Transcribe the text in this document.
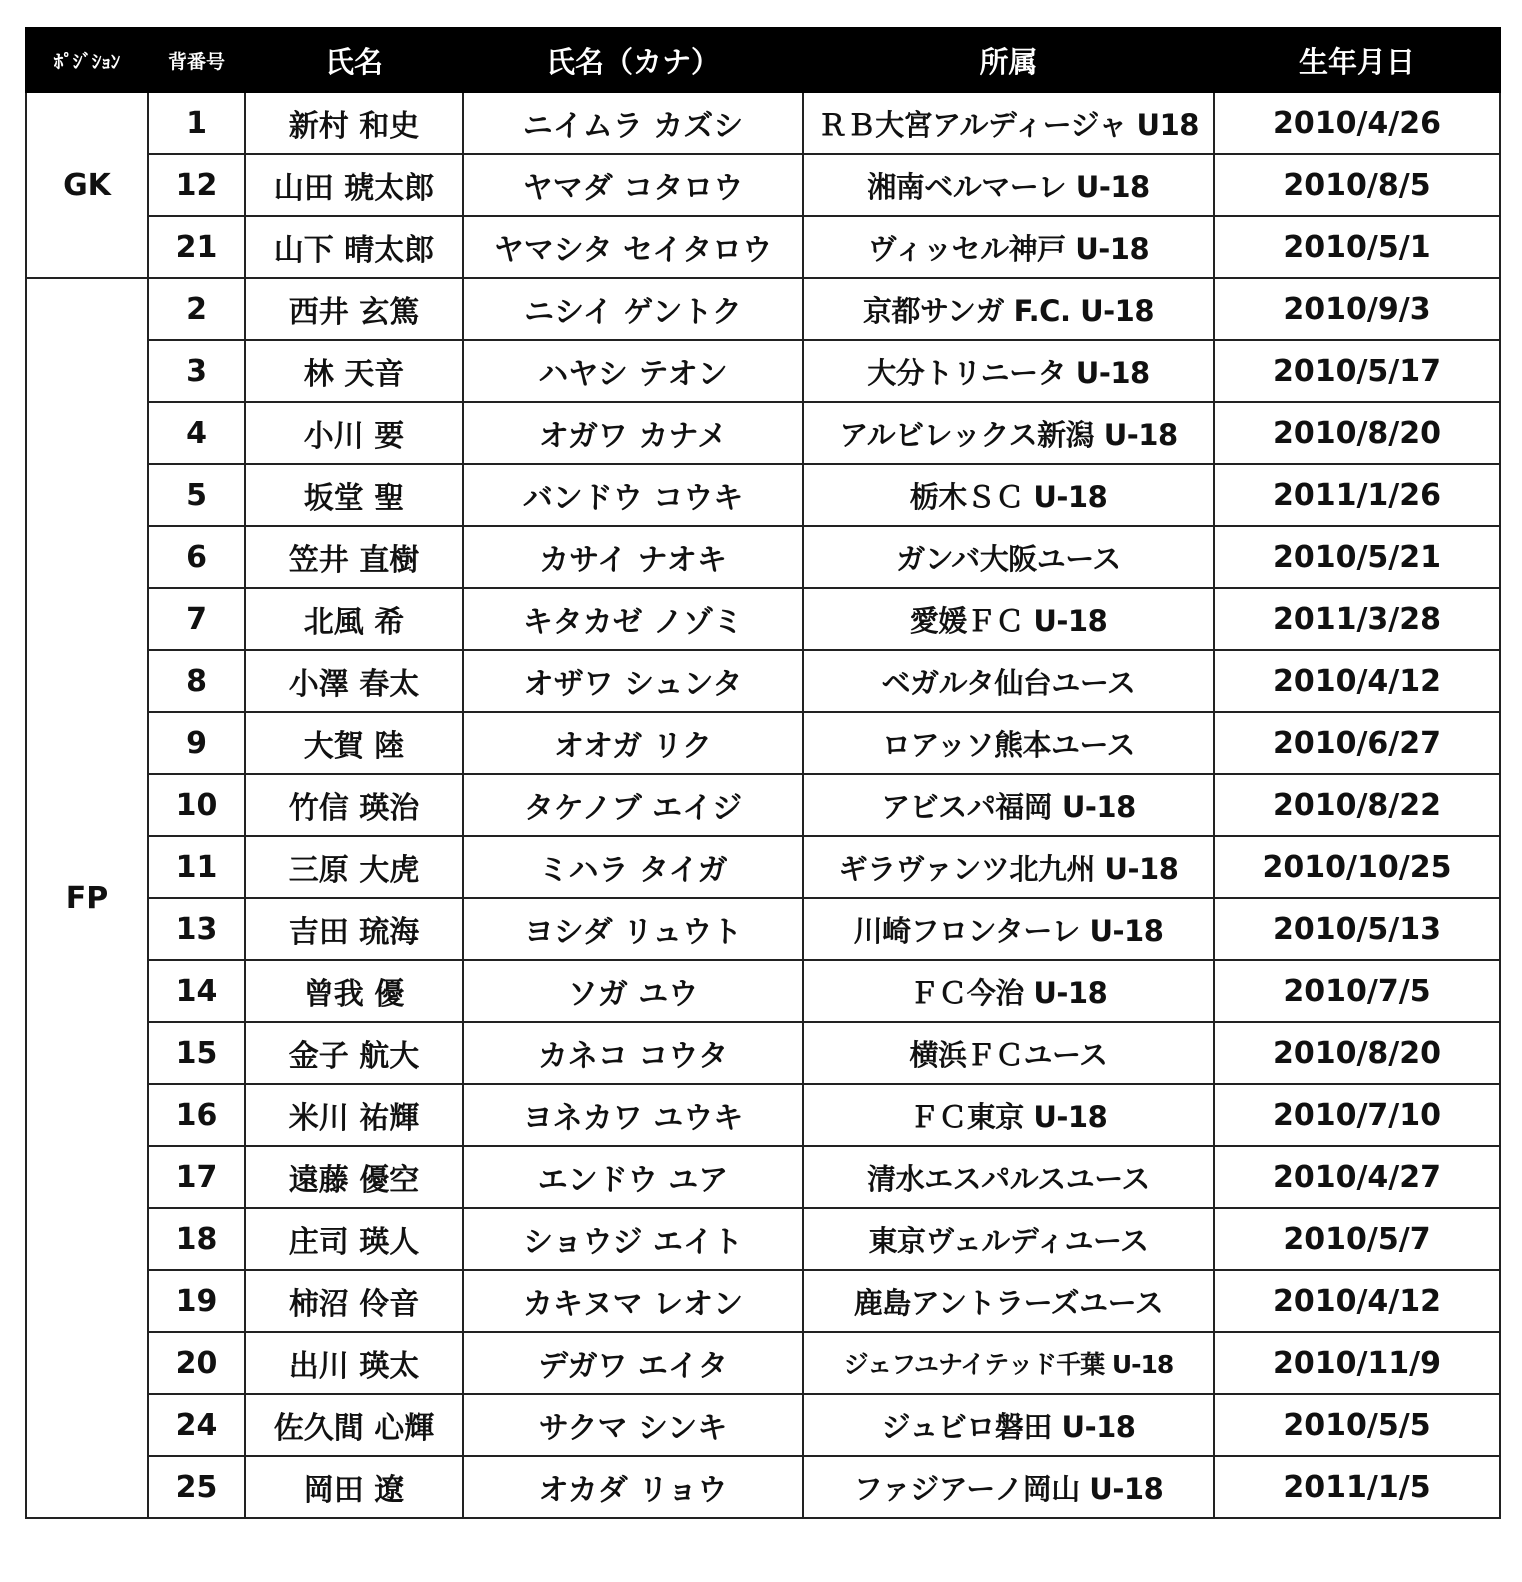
ﾎﾟｼﾞｼｮﾝ	背番号	氏名	氏名（カナ）	所属	生年月日
GK	1	新村 和史	ニイムラ カズシ	ＲＢ大宮アルディージャ U18	2010/4/26
	12	山田 琥太郎	ヤマダ コタロウ	湘南ベルマーレ U-18	2010/8/5
	21	山下 晴太郎	ヤマシタ セイタロウ	ヴィッセル神戸 U-18	2010/5/1
FP	2	西井 玄篤	ニシイ ゲントク	京都サンガ F.C. U-18	2010/9/3
	3	林 天音	ハヤシ テオン	大分トリニータ U-18	2010/5/17
	4	小川 要	オガワ カナメ	アルビレックス新潟 U-18	2010/8/20
	5	坂堂 聖	バンドウ コウキ	栃木ＳＣ U-18	2011/1/26
	6	笠井 直樹	カサイ ナオキ	ガンバ大阪ユース	2010/5/21
	7	北風 希	キタカゼ ノゾミ	愛媛ＦＣ U-18	2011/3/28
	8	小澤 春太	オザワ シュンタ	ベガルタ仙台ユース	2010/4/12
	9	大賀 陸	オオガ リク	ロアッソ熊本ユース	2010/6/27
	10	竹信 瑛治	タケノブ エイジ	アビスパ福岡 U-18	2010/8/22
	11	三原 大虎	ミハラ タイガ	ギラヴァンツ北九州 U-18	2010/10/25
	13	吉田 琉海	ヨシダ リュウト	川崎フロンターレ U-18	2010/5/13
	14	曾我 優	ソガ ユウ	ＦＣ今治 U-18	2010/7/5
	15	金子 航大	カネコ コウタ	横浜ＦＣユース	2010/8/20
	16	米川 祐輝	ヨネカワ ユウキ	ＦＣ東京 U-18	2010/7/10
	17	遠藤 優空	エンドウ ユア	清水エスパルスユース	2010/4/27
	18	庄司 瑛人	ショウジ エイト	東京ヴェルディユース	2010/5/7
	19	柿沼 伶音	カキヌマ レオン	鹿島アントラーズユース	2010/4/12
	20	出川 瑛太	デガワ エイタ	ジェフユナイテッド千葉 U-18	2010/11/9
	24	佐久間 心輝	サクマ シンキ	ジュビロ磐田 U-18	2010/5/5
	25	岡田 遼	オカダ リョウ	ファジアーノ岡山 U-18	2011/1/5
